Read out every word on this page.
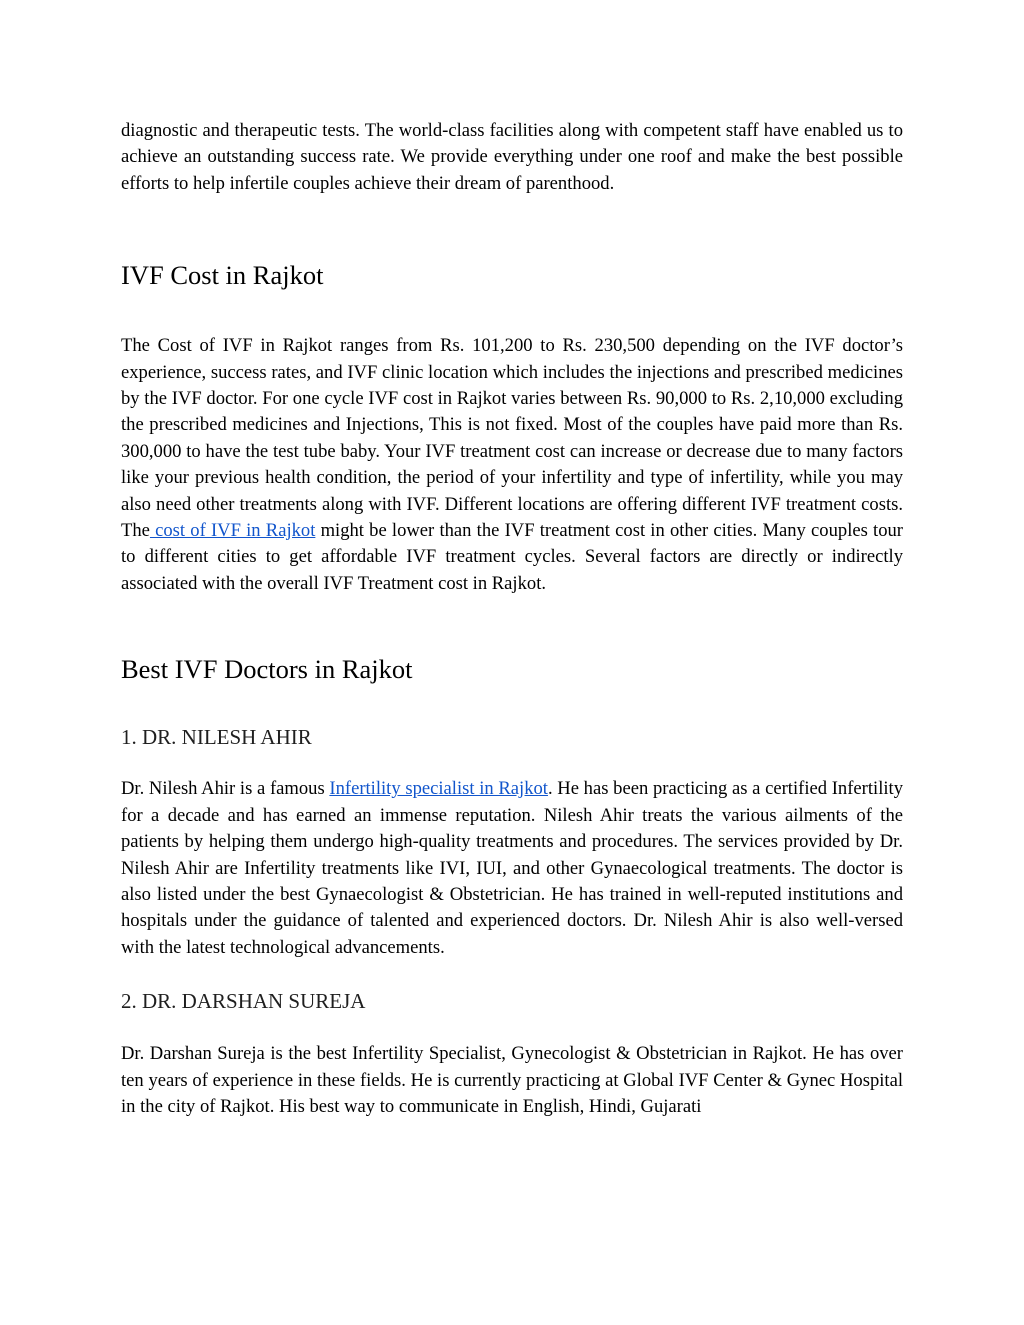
diagnostic and therapeutic tests. The world-class facilities along with competent staff have enabled us to achieve an outstanding success rate. We provide everything under one roof and make the best possible efforts to help infertile couples achieve their dream of parenthood.

IVF Cost in Rajkot

The Cost of IVF in Rajkot ranges from Rs. 101,200 to Rs. 230,500 depending on the IVF doctor’s experience, success rates, and IVF clinic location which includes the injections and prescribed medicines by the IVF doctor. For one cycle IVF cost in Rajkot varies between Rs. 90,000 to Rs. 2,10,000 excluding the prescribed medicines and Injections, This is not fixed. Most of the couples have paid more than Rs. 300,000 to have the test tube baby. Your IVF treatment cost can increase or decrease due to many factors like your previous health condition, the period of your infertility and type of infertility, while you may also need other treatments along with IVF. Different locations are offering different IVF treatment costs. The cost of IVF in Rajkot might be lower than the IVF treatment cost in other cities. Many couples tour to different cities to get affordable IVF treatment cycles. Several factors are directly or indirectly associated with the overall IVF Treatment cost in Rajkot.

Best IVF Doctors in Rajkot
1. DR. NILESH AHIR

Dr. Nilesh Ahir is a famous Infertility specialist in Rajkot. He has been practicing as a certified Infertility for a decade and has earned an immense reputation. Nilesh Ahir treats the various ailments of the patients by helping them undergo high-quality treatments and procedures. The services provided by Dr. Nilesh Ahir are Infertility treatments like IVI, IUI, and other Gynaecological treatments. The doctor is also listed under the best Gynaecologist & Obstetrician. He has trained in well-reputed institutions and hospitals under the guidance of talented and experienced doctors. Dr. Nilesh Ahir is also well-versed with the latest technological advancements.

2. DR. DARSHAN SUREJA

Dr. Darshan Sureja is the best Infertility Specialist, Gynecologist & Obstetrician in Rajkot. He has over ten years of experience in these fields. He is currently practicing at Global IVF Center & Gynec Hospital in the city of Rajkot. His best way to communicate in English, Hindi, Gujarati
